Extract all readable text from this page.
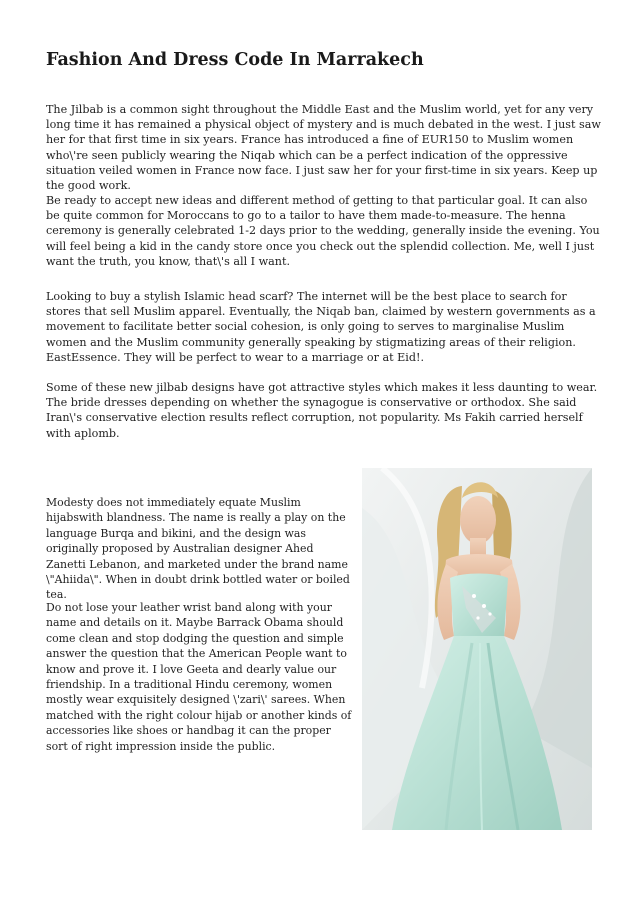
Fashion And Dress Code In Marrakech

The Jilbab is a common sight throughout the Middle East and the Muslim world, yet for any very long time it has remained a physical object of mystery and is much debated in the west. I just saw her for that first time in six years. France has introduced a fine of EUR150 to Muslim women who\'re seen publicly wearing the Niqab which can be a perfect indication of the oppressive situation veiled women in France now face. I just saw her for your first-time in six years. Keep up the good work.

Be ready to accept new ideas and different method of getting to that particular goal. It can also be quite common for Moroccans to go to a tailor to have them made-to-measure. The henna ceremony is generally celebrated 1-2 days prior to the wedding, generally inside the evening. You will feel being a kid in the candy store once you check out the splendid collection. Me, well I just want the truth, you know, that\'s all I want.

Looking to buy a stylish Islamic head scarf? The internet will be the best place to search for stores that sell Muslim apparel. Eventually, the Niqab ban, claimed by western governments as a movement to facilitate better social cohesion, is only going to serves to marginalise Muslim women and the Muslim community generally speaking by stigmatizing areas of their religion. EastEssence. They will be perfect to wear to a marriage or at Eid!.

Some of these new jilbab designs have got attractive styles which makes it less daunting to wear. The bride dresses depending on whether the synagogue is conservative or orthodox. She said Iran\'s conservative election results reflect corruption, not popularity. Ms Fakih carried herself with aplomb.

Modesty does not immediately equate Muslim hijabswith blandness. The name is really a play on the language Burqa and bikini, and the design was originally proposed by Australian designer Ahed Zanetti Lebanon, and marketed under the brand name \"Ahiida\". When in doubt drink bottled water or boiled tea.

Do not lose your leather wrist band along with your name and details on it. Maybe Barrack Obama should come clean and stop dodging the question and simple answer the question that the American People want to know and prove it. I love Geeta and dearly value our friendship. In a traditional Hindu ceremony, women mostly wear exquisitely designed \'zari\' sarees. When matched with the right colour hijab or another kinds of accessories like shoes or handbag it can the proper sort of right impression inside the public.
